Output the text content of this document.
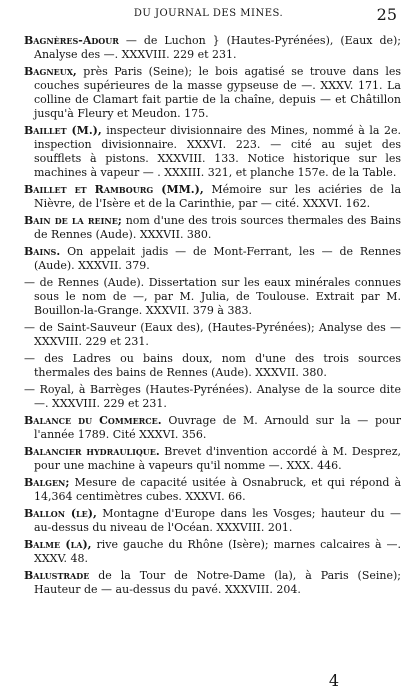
DU JOURNAL DES MINES.	25
Bagnères-Adour — de Luchon } (Hautes-Pyrénées), (Eaux de); Analyse des —. XXXVIII. 229 et 231.
Bagneux, près Paris (Seine); le bois agatisé se trouve dans les couches supérieures de la masse gypseuse de —. XXXV. 171. La colline de Clamart fait partie de la chaîne, depuis — et Châtillon jusqu'à Fleury et Meudon. 175.
Baillet (M.), inspecteur divisionnaire des Mines, nommé à la 2e. inspection divisionnaire. XXXVI. 223. — cité au sujet des soufflets à pistons. XXXVIII. 133. Notice historique sur les machines à vapeur — . XXXIII. 321, et planche 157e. de la Table.
Baillet et Rambourg (MM.), Mémoire sur les aciéries de la Nièvre, de l'Isère et de la Carinthie, par — cité. XXXVI. 162.
Bain de la reine; nom d'une des trois sources thermales des Bains de Rennes (Aude). XXXVII. 380.
Bains. On appelait jadis — de Mont-Ferrant, les — de Rennes (Aude). XXXVII. 379.
— de Rennes (Aude). Dissertation sur les eaux minérales connues sous le nom de —, par M. Julia, de Toulouse. Extrait par M. Bouillon-la-Grange. XXXVII. 379 à 383.
— de Saint-Sauveur (Eaux des), (Hautes-Pyrénées); Analyse des — XXXVIII. 229 et 231.
— des Ladres ou bains doux, nom d'une des trois sources thermales des bains de Rennes (Aude). XXXVII. 380.
— Royal, à Barrèges (Hautes-Pyrénées). Analyse de la source dite —. XXXVIII. 229 et 231.
Balance du Commerce. Ouvrage de M. Arnould sur la — pour l'année 1789. Cité XXXVI. 356.
Balancier hydraulique. Brevet d'invention accordé à M. Desprez, pour une machine à vapeurs qu'il nomme —. XXX. 446.
Balgen; Mesure de capacité usitée à Osnabruck, et qui répond à 14,364 centimètres cubes. XXXVI. 66.
Ballon (le), Montagne d'Europe dans les Vosges; hauteur du — au-dessus du niveau de l'Océan. XXXVIII. 201.
Balme (la), rive gauche du Rhône (Isère); marnes calcaires à —. XXXV. 48.
Balustrade de la Tour de Notre-Dame (la), à Paris (Seine); Hauteur de — au-dessus du pavé. XXXVIII. 204.
4
